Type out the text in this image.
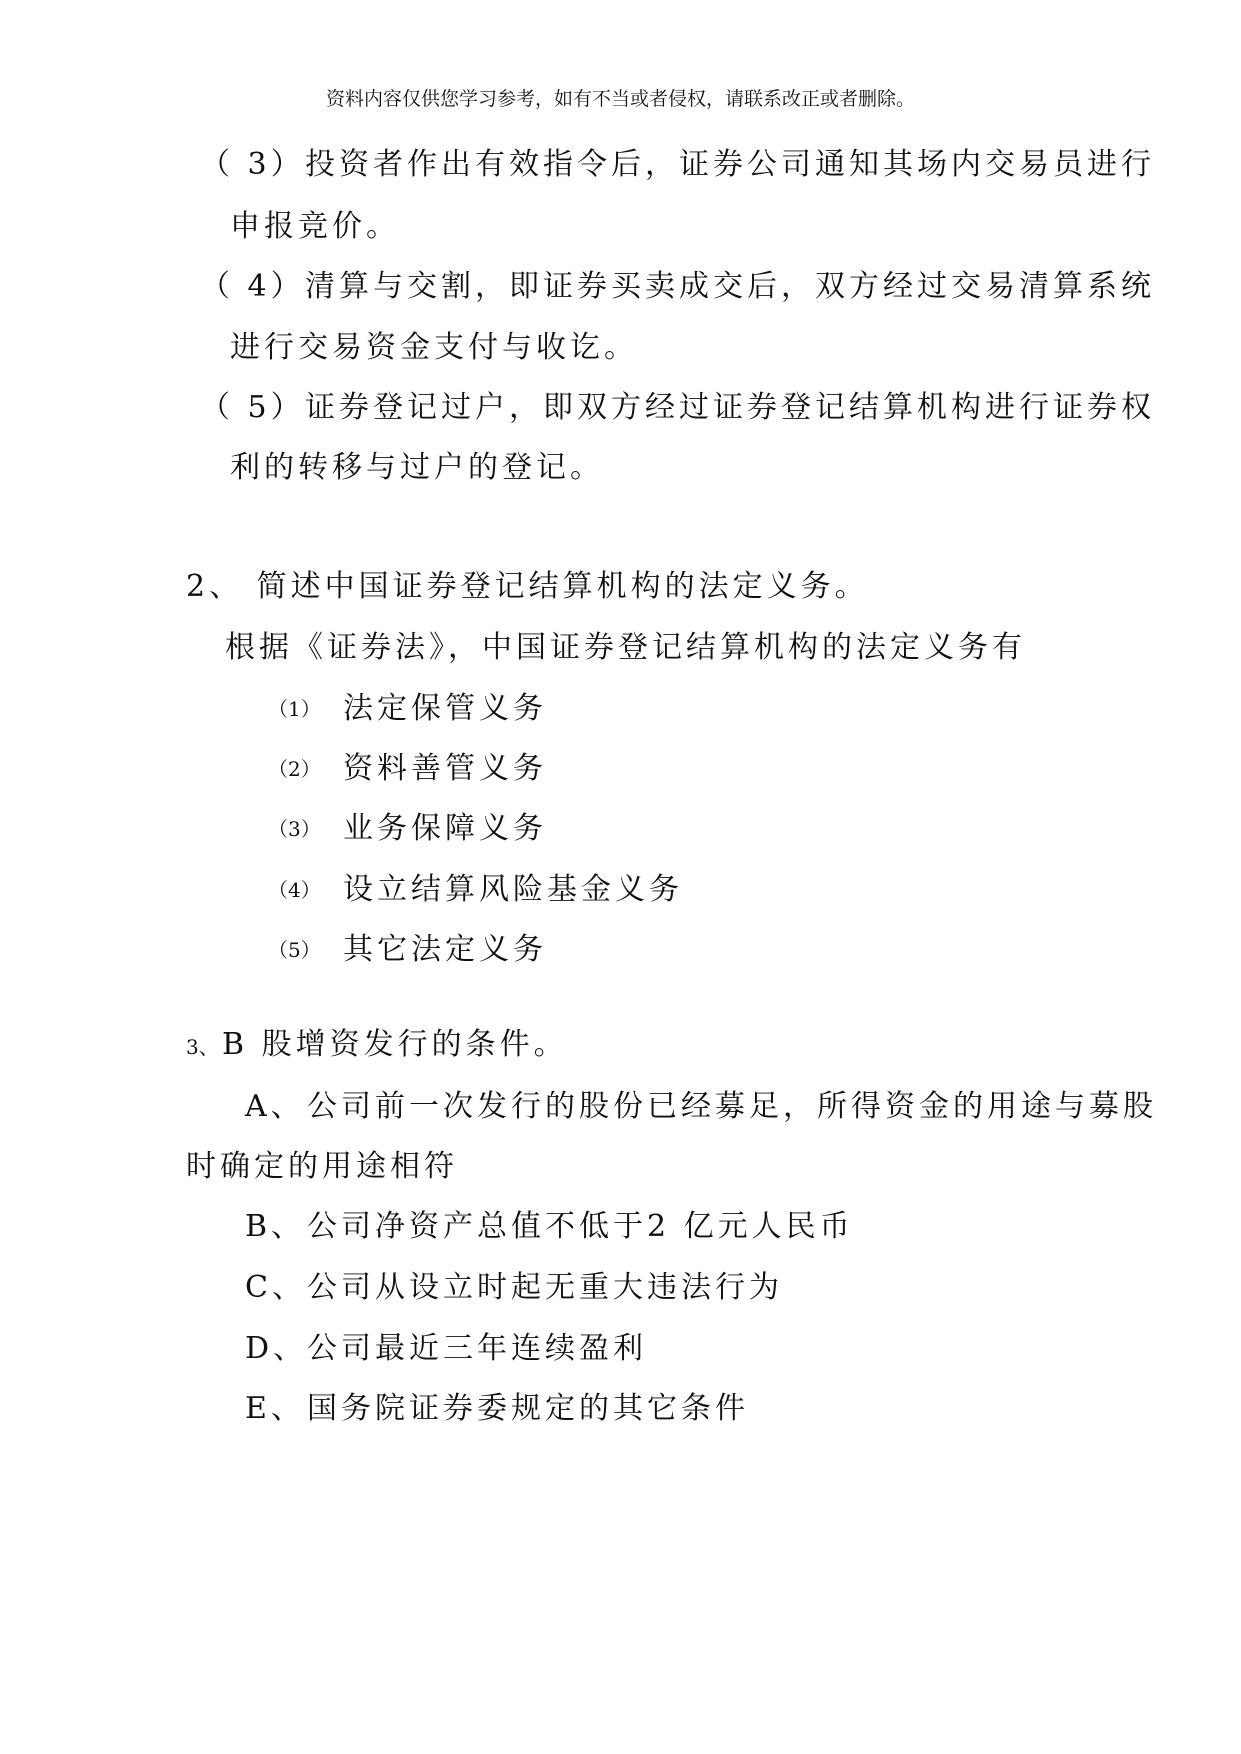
资料内容仅供您学习参考，如有不当或者侵权，请联系改正或者删除。
（ 3） 投资者作出有效指令后，证券公司通知其场内交易员进行
申报竞价。
（ 4） 清算与交割，即证券买卖成交后，双方经过交易清算系统
进行交易资金支付与收讫。
（ 5） 证券登记过户，即双方经过证券登记结算机构进行证券权
利的转移与过户的登记。
2、 简述中国证券登记结算机构的法定义务。
根据《证券法》，中国证券登记结算机构的法定义务有
（1） 法定保管义务
（2） 资料善管义务
（3） 业务保障义务
（4） 设立结算风险基金义务
（5） 其它法定义务
3、 B 股增资发行的条件。
A、 公司前一次发行的股份已经募足，所得资金的用途与募股
时确定的用途相符
B、 公司净资产总值不低于2 亿元人民币
C、 公司从设立时起无重大违法行为
D、 公司最近三年连续盈利
E、 国务院证券委规定的其它条件
